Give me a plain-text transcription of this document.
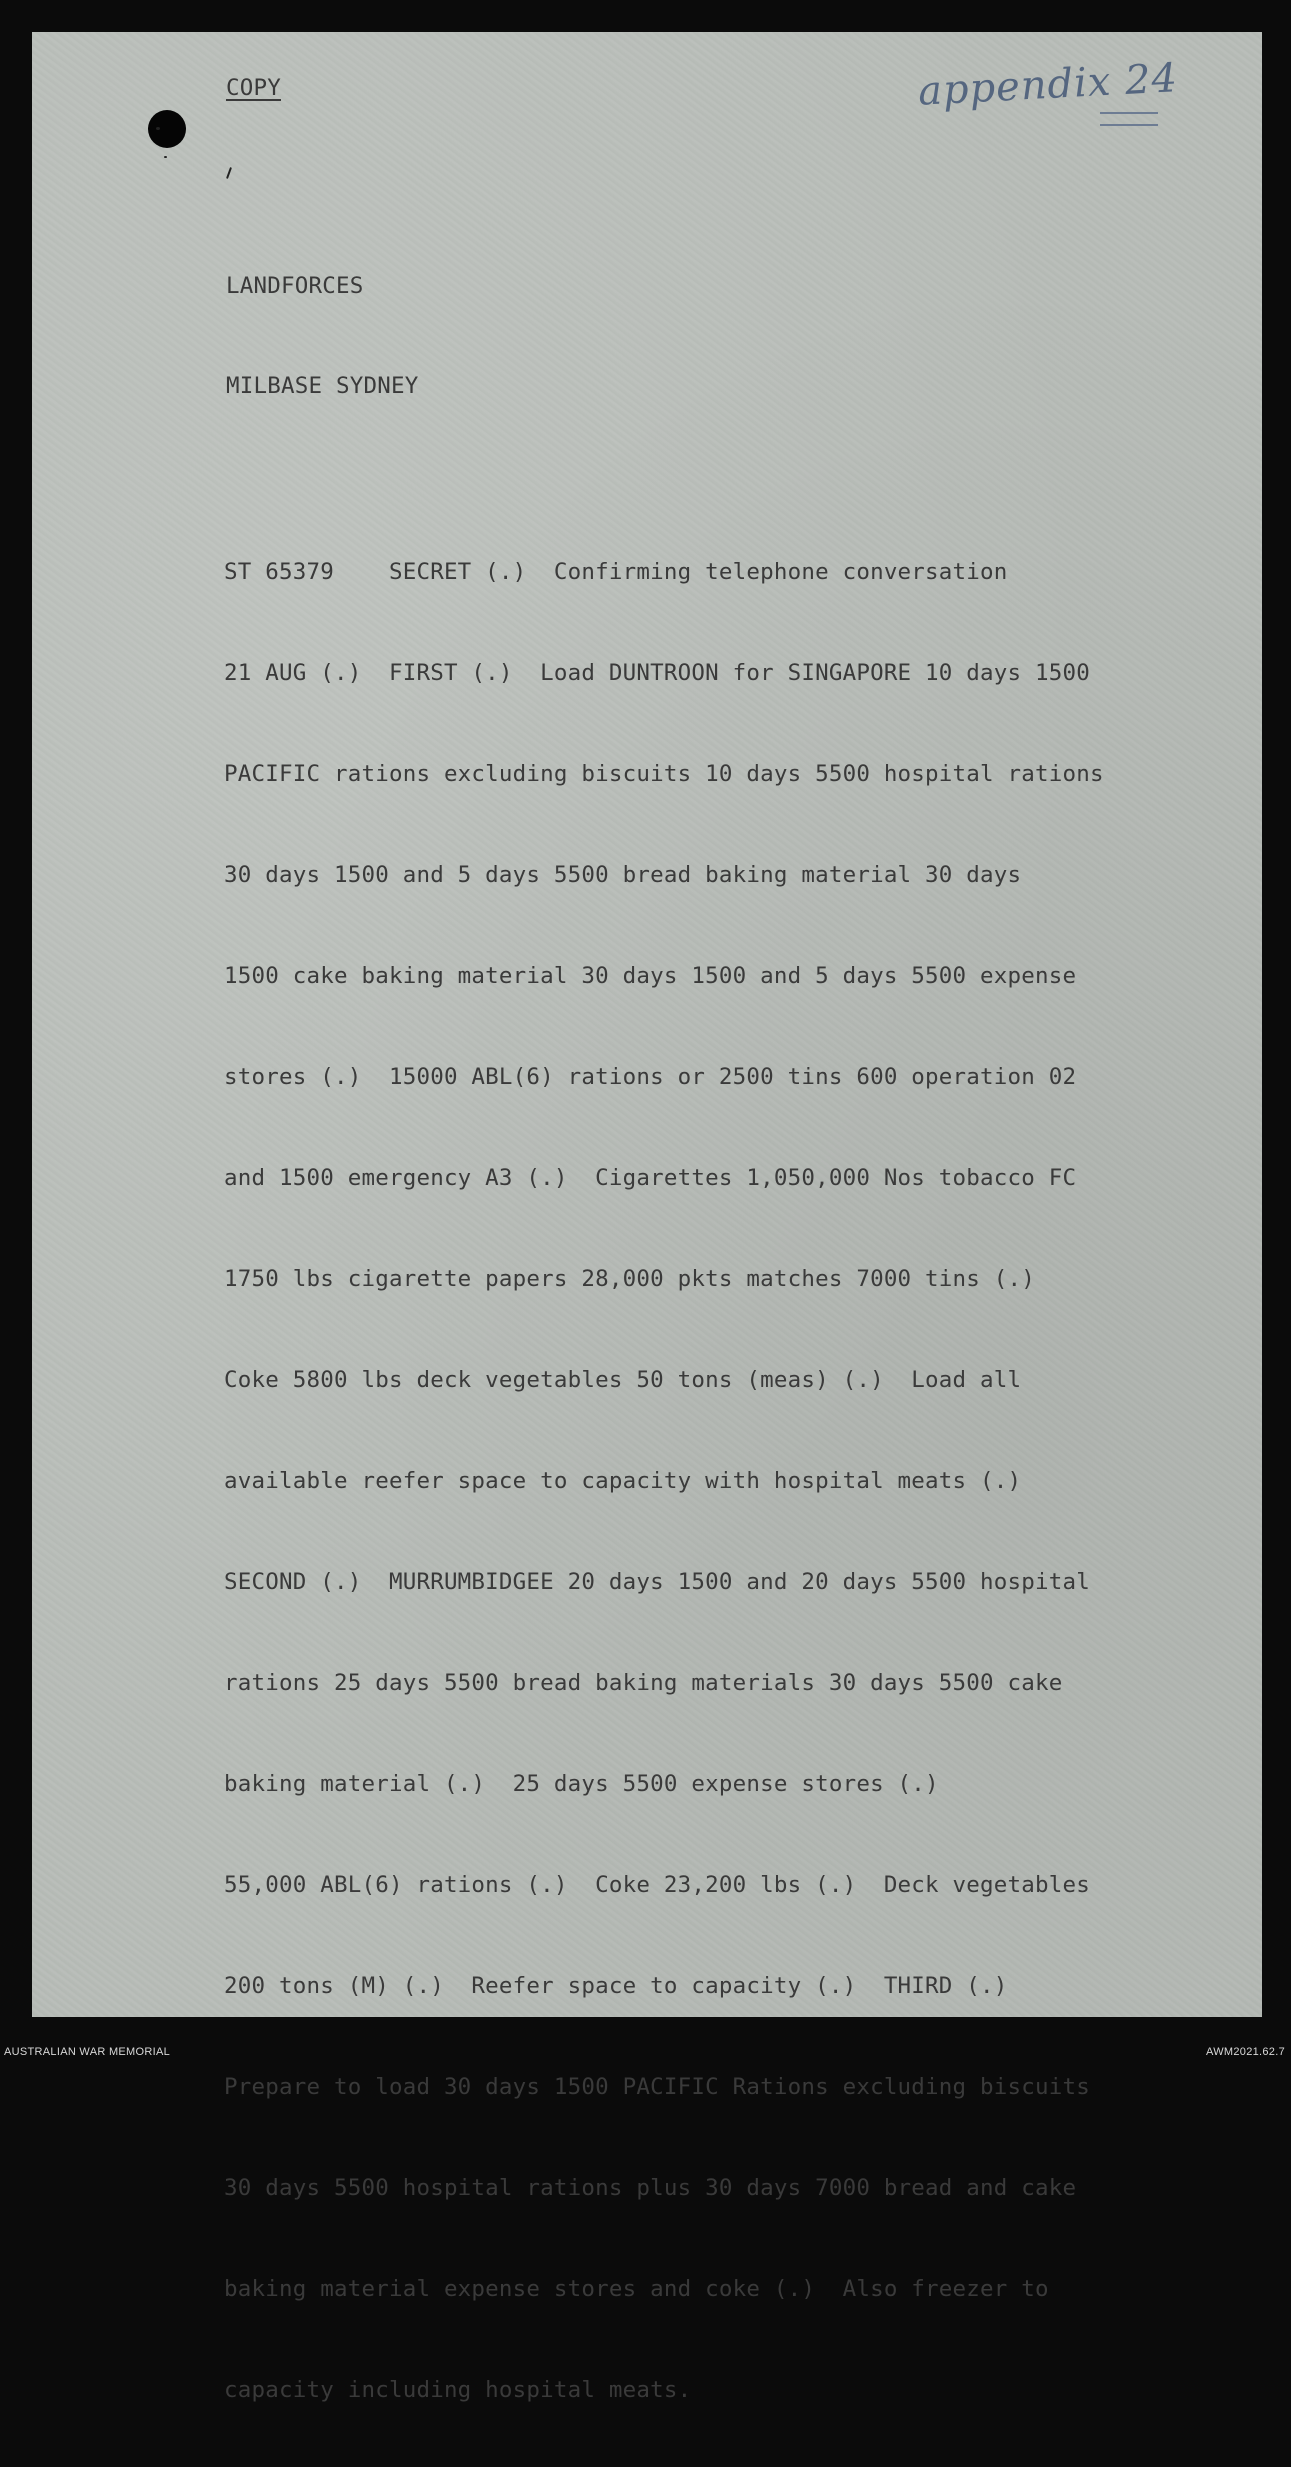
COPY	appendix 24
LANDFORCES
MILBASE SYDNEY

ST 65379    SECRET (.)  Confirming telephone conversation

21 AUG (.)  FIRST (.)  Load DUNTROON for SINGAPORE 10 days 1500

PACIFIC rations excluding biscuits 10 days 5500 hospital rations

30 days 1500 and 5 days 5500 bread baking material 30 days

1500 cake baking material 30 days 1500 and 5 days 5500 expense

stores (.)  15000 ABL(6) rations or 2500 tins 600 operation 02

and 1500 emergency A3 (.)  Cigarettes 1,050,000 Nos tobacco FC

1750 lbs cigarette papers 28,000 pkts matches 7000 tins (.)

Coke 5800 lbs deck vegetables 50 tons (meas) (.)  Load all

available reefer space to capacity with hospital meats (.)

SECOND (.)  MURRUMBIDGEE 20 days 1500 and 20 days 5500 hospital

rations 25 days 5500 bread baking materials 30 days 5500 cake

baking material (.)  25 days 5500 expense stores (.)

55,000 ABL(6) rations (.)  Coke 23,200 lbs (.)  Deck vegetables

200 tons (M) (.)  Reefer space to capacity (.)  THIRD (.)

Prepare to load 30 days 1500 PACIFIC Rations excluding biscuits

30 days 5500 hospital rations plus 30 days 7000 bread and cake

baking material expense stores and coke (.)  Also freezer to

capacity including hospital meats.

AUSTRALIAN WAR MEMORIAL	AWM2021.62.7
